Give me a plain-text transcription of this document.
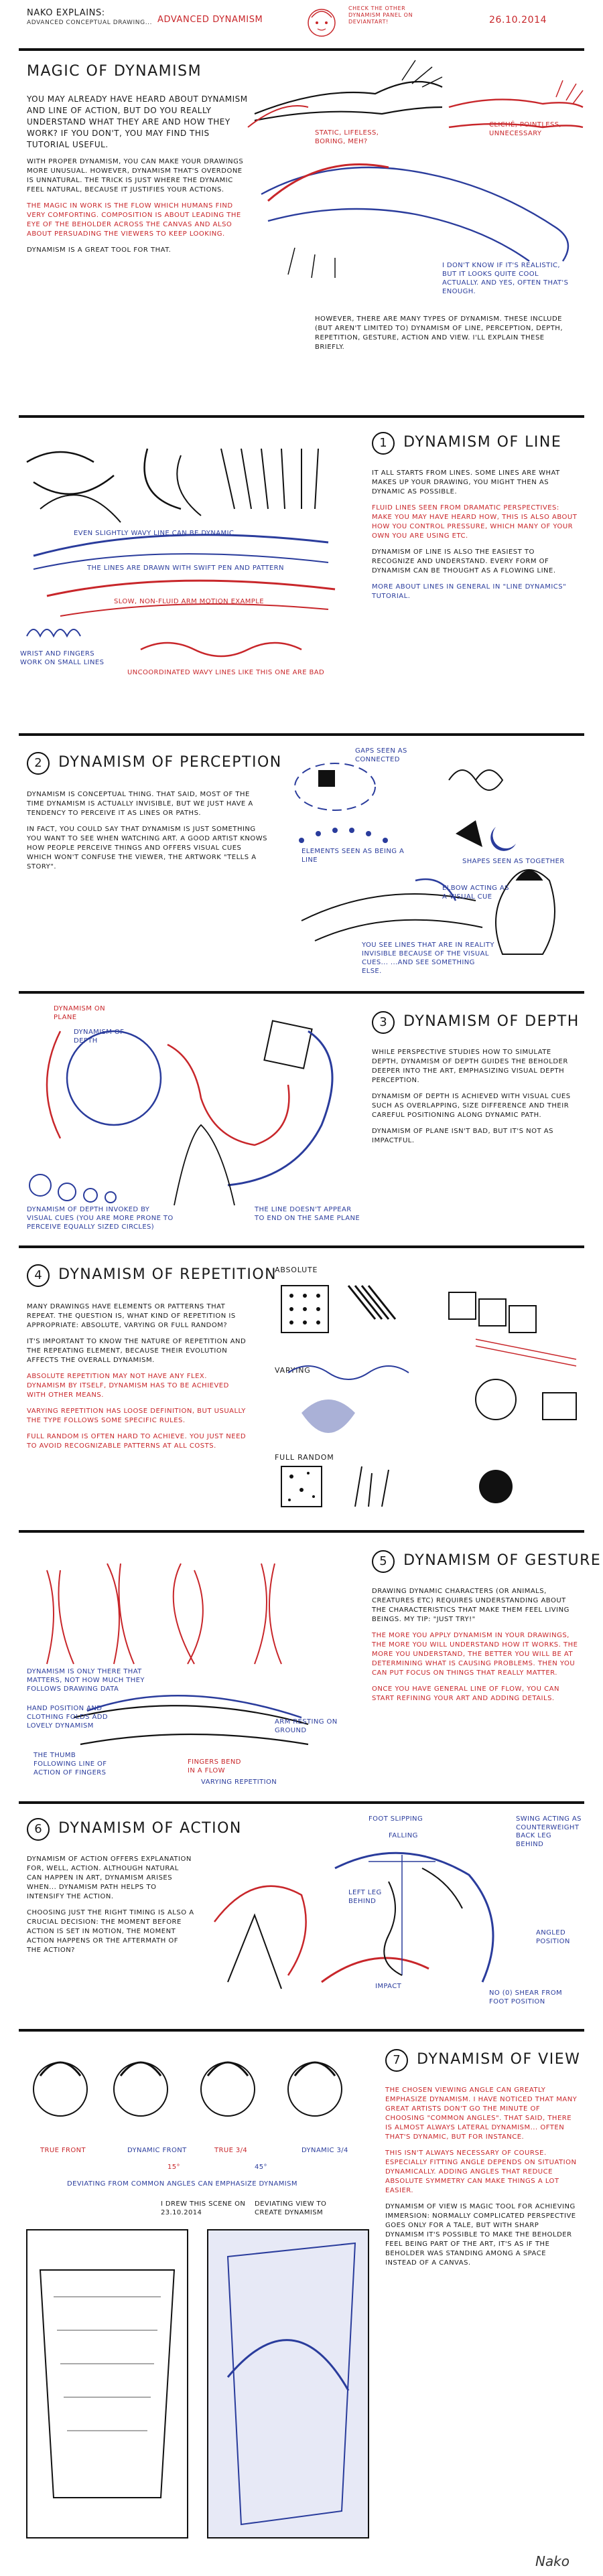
NAKO EXPLAINS:
ADVANCED CONCEPTUAL DRAWING... ADVANCED DYNAMISM
CHECK THE OTHER DYNAMISM PANEL ON DEVIANTART!	26.10.2014
MAGIC OF DYNAMISM

YOU MAY ALREADY HAVE HEARD ABOUT DYNAMISM AND LINE OF ACTION, BUT DO YOU REALLY UNDERSTAND WHAT THEY ARE AND HOW THEY WORK? IF YOU DON'T, YOU MAY FIND THIS TUTORIAL USEFUL.

WITH PROPER DYNAMISM, YOU CAN MAKE YOUR DRAWINGS MORE UNUSUAL. HOWEVER, DYNAMISM THAT'S OVERDONE IS UNNATURAL. THE TRICK IS JUST WHERE THE DYNAMIC FEEL NATURAL, BECAUSE IT JUSTIFIES YOUR ACTIONS.

THE MAGIC IN WORK IS THE FLOW WHICH HUMANS FIND VERY COMFORTING. COMPOSITION IS ABOUT LEADING THE EYE OF THE BEHOLDER ACROSS THE CANVAS AND ALSO ABOUT PERSUADING THE VIEWERS TO KEEP LOOKING.

DYNAMISM IS A GREAT TOOL FOR THAT.

STATIC, LIFELESS, BORING, MEH?
CLICHÉ, POINTLESS, UNNECESSARY
I DON'T KNOW IF IT'S REALISTIC, BUT IT LOOKS QUITE COOL ACTUALLY. AND YES, OFTEN THAT'S ENOUGH.
HOWEVER, THERE ARE MANY TYPES OF DYNAMISM. THESE INCLUDE (BUT AREN'T LIMITED TO) DYNAMISM OF LINE, PERCEPTION, DEPTH, REPETITION, GESTURE, ACTION AND VIEW. I'LL EXPLAIN THESE BRIEFLY.
EVEN SLIGHTLY WAVY LINE CAN BE DYNAMIC
THE LINES ARE DRAWN WITH SWIFT PEN AND PATTERN
SLOW, NON-FLUID ARM MOTION EXAMPLE
UNCOORDINATED WAVY LINES LIKE THIS ONE ARE BAD
WRIST AND FINGERS WORK ON SMALL LINES
1 DYNAMISM OF LINE

IT ALL STARTS FROM LINES. SOME LINES ARE WHAT MAKES UP YOUR DRAWING, YOU MIGHT THEN AS DYNAMIC AS POSSIBLE.

FLUID LINES SEEN FROM DRAMATIC PERSPECTIVES: MAKE YOU MAY HAVE HEARD HOW, THIS IS ALSO ABOUT HOW YOU CONTROL PRESSURE, WHICH MANY OF YOUR OWN YOU ARE USING ETC.

DYNAMISM OF LINE IS ALSO THE EASIEST TO RECOGNIZE AND UNDERSTAND. EVERY FORM OF DYNAMISM CAN BE THOUGHT AS A FLOWING LINE.

MORE ABOUT LINES IN GENERAL IN "LINE DYNAMICS" TUTORIAL.

2 DYNAMISM OF PERCEPTION

DYNAMISM IS CONCEPTUAL THING. THAT SAID, MOST OF THE TIME DYNAMISM IS ACTUALLY INVISIBLE, BUT WE JUST HAVE A TENDENCY TO PERCEIVE IT AS LINES OR PATHS.

IN FACT, YOU COULD SAY THAT DYNAMISM IS JUST SOMETHING YOU WANT TO SEE WHEN WATCHING ART. A GOOD ARTIST KNOWS HOW PEOPLE PERCEIVE THINGS AND OFFERS VISUAL CUES WHICH WON'T CONFUSE THE VIEWER, THE ARTWORK "TELLS A STORY".

GAPS SEEN AS CONNECTED
ELEMENTS SEEN AS BEING A LINE	SHAPES SEEN AS TOGETHER
ELBOW ACTING AS A VISUAL CUE
YOU SEE LINES THAT ARE IN REALITY INVISIBLE BECAUSE OF THE VISUAL CUES... ...AND SEE SOMETHING ELSE.
DYNAMISM ON PLANE
DYNAMISM OF DEPTH
DYNAMISM OF DEPTH INVOKED BY VISUAL CUES (YOU ARE MORE PRONE TO PERCEIVE EQUALLY SIZED CIRCLES)
THE LINE DOESN'T APPEAR TO END ON THE SAME PLANE
3 DYNAMISM OF DEPTH

WHILE PERSPECTIVE STUDIES HOW TO SIMULATE DEPTH, DYNAMISM OF DEPTH GUIDES THE BEHOLDER DEEPER INTO THE ART, EMPHASIZING VISUAL DEPTH PERCEPTION.

DYNAMISM OF DEPTH IS ACHIEVED WITH VISUAL CUES SUCH AS OVERLAPPING, SIZE DIFFERENCE AND THEIR CAREFUL POSITIONING ALONG DYNAMIC PATH.

DYNAMISM OF PLANE ISN'T BAD, BUT IT'S NOT AS IMPACTFUL.

4 DYNAMISM OF REPETITION

MANY DRAWINGS HAVE ELEMENTS OR PATTERNS THAT REPEAT. THE QUESTION IS, WHAT KIND OF REPETITION IS APPROPRIATE: ABSOLUTE, VARYING OR FULL RANDOM?

IT'S IMPORTANT TO KNOW THE NATURE OF REPETITION AND THE REPEATING ELEMENT, BECAUSE THEIR EVOLUTION AFFECTS THE OVERALL DYNAMISM.

ABSOLUTE REPETITION MAY NOT HAVE ANY FLEX. DYNAMISM BY ITSELF, DYNAMISM HAS TO BE ACHIEVED WITH OTHER MEANS.

VARYING REPETITION HAS LOOSE DEFINITION, BUT USUALLY THE TYPE FOLLOWS SOME SPECIFIC RULES.

FULL RANDOM IS OFTEN HARD TO ACHIEVE. YOU JUST NEED TO AVOID RECOGNIZABLE PATTERNS AT ALL COSTS.

ABSOLUTE
VARYING
FULL RANDOM
DYNAMISM IS ONLY THERE THAT MATTERS, NOT HOW MUCH THEY FOLLOWS DRAWING DATA
HAND POSITION AND CLOTHING FOLDS ADD LOVELY DYNAMISM
THE THUMB FOLLOWING LINE OF ACTION OF FINGERS
FINGERS BEND IN A FLOW
ARM RESTING ON GROUND
VARYING REPETITION
5 DYNAMISM OF GESTURE

DRAWING DYNAMIC CHARACTERS (OR ANIMALS, CREATURES ETC) REQUIRES UNDERSTANDING ABOUT THE CHARACTERISTICS THAT MAKE THEM FEEL LIVING BEINGS. MY TIP: "JUST TRY!"

THE MORE YOU APPLY DYNAMISM IN YOUR DRAWINGS, THE MORE YOU WILL UNDERSTAND HOW IT WORKS. THE MORE YOU UNDERSTAND, THE BETTER YOU WILL BE AT DETERMINING WHAT IS CAUSING PROBLEMS. THEN YOU CAN PUT FOCUS ON THINGS THAT REALLY MATTER.

ONCE YOU HAVE GENERAL LINE OF FLOW, YOU CAN START REFINING YOUR ART AND ADDING DETAILS.

6 DYNAMISM OF ACTION

DYNAMISM OF ACTION OFFERS EXPLANATION FOR, WELL, ACTION. ALTHOUGH NATURAL CAN HAPPEN IN ART, DYNAMISM ARISES WHEN... DYNAMISM PATH HELPS TO INTENSIFY THE ACTION.

CHOOSING JUST THE RIGHT TIMING IS ALSO A CRUCIAL DECISION: THE MOMENT BEFORE ACTION IS SET IN MOTION, THE MOMENT ACTION HAPPENS OR THE AFTERMATH OF THE ACTION?

FOOT SLIPPING
FALLING	BACK LEG BEHIND
SWING ACTING AS COUNTERWEIGHT
LEFT LEG BEHIND
IMPACT
ANGLED POSITION
NO (0) SHEAR FROM FOOT POSITION
TRUE FRONT	DYNAMIC FRONT	TRUE 3/4	DYNAMIC 3/4
15°	45°
DEVIATING FROM COMMON ANGLES CAN EMPHASIZE DYNAMISM
I DREW THIS SCENE ON 23.10.2014
DEVIATING VIEW TO CREATE DYNAMISM
7 DYNAMISM OF VIEW

THE CHOSEN VIEWING ANGLE CAN GREATLY EMPHASIZE DYNAMISM. I HAVE NOTICED THAT MANY GREAT ARTISTS DON'T GO THE MINUTE OF CHOOSING "COMMON ANGLES". THAT SAID, THERE IS ALMOST ALWAYS LATERAL DYNAMISM... OFTEN THAT'S DYNAMIC, BUT FOR INSTANCE.

THIS ISN'T ALWAYS NECESSARY OF COURSE. ESPECIALLY FITTING ANGLE DEPENDS ON SITUATION DYNAMICALLY. ADDING ANGLES THAT REDUCE ABSOLUTE SYMMETRY CAN MAKE THINGS A LOT EASIER.

DYNAMISM OF VIEW IS MAGIC TOOL FOR ACHIEVING IMMERSION: NORMALLY COMPLICATED PERSPECTIVE GOES ONLY FOR A TALE, BUT WITH SHARP DYNAMISM IT'S POSSIBLE TO MAKE THE BEHOLDER FEEL BEING PART OF THE ART, IT'S AS IF THE BEHOLDER WAS STANDING AMONG A SPACE INSTEAD OF A CANVAS.

Nako
